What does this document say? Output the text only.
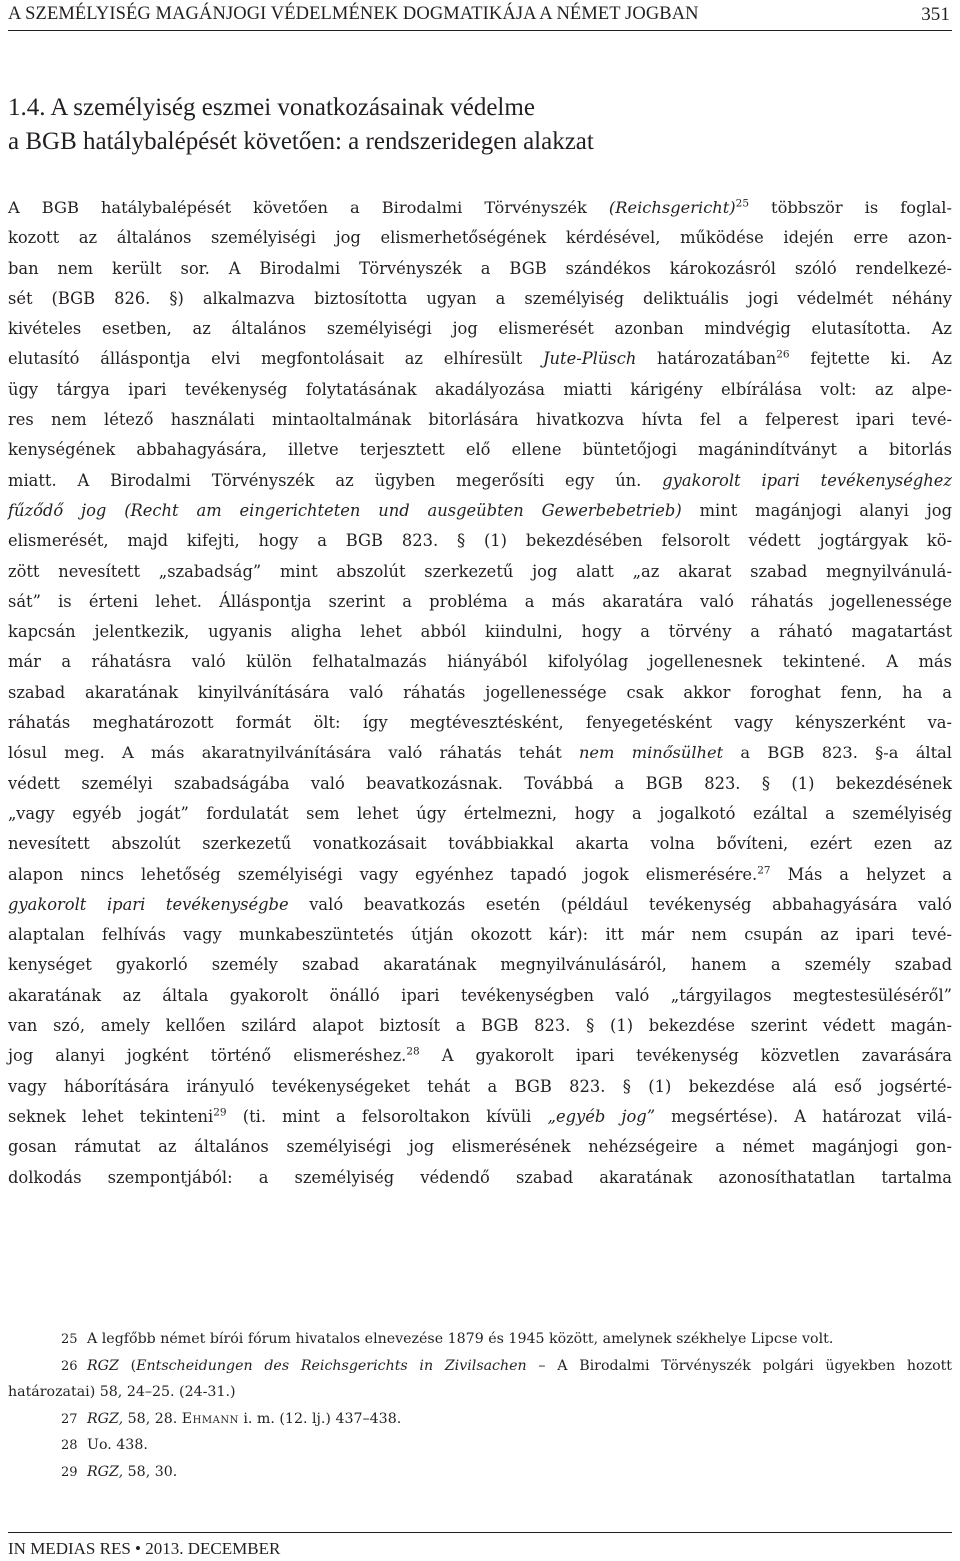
A SZEMÉLYISÉG MAGÁNJOGI VÉDELMÉNEK DOGMATIKÁJA A NÉMET JOGBAN	351
1.4. A személyiség eszmei vonatkozásainak védelme
a BGB hatálybalépését követően: a rendszeridegen alakzat
A BGB hatálybalépését követően a Birodalmi Törvényszék (Reichsgericht)$^{25}$ többször is foglal-
kozott az általános személyiségi jog elismerhetőségének kérdésével, működése idején erre azon-
ban nem került sor. A Birodalmi Törvényszék a BGB szándékos károkozásról szóló rendelkezé-
sét (BGB 826. §) alkalmazva biztosította ugyan a személyiség deliktuális jogi védelmét néhány
kivételes esetben, az általános személyiségi jog elismerését azonban mindvégig elutasította. Az
elutasító álláspontja elvi megfontolásait az elhíresült Jute-Plüsch határozatában$^{26}$ fejtette ki. Az
ügy tárgya ipari tevékenység folytatásának akadályozása miatti kárigény elbírálása volt: az alpe-
res nem létező használati mintaoltalmának bitorlására hivatkozva hívta fel a felperest ipari tevé-
kenységének abbahagyására, illetve terjesztett elő ellene büntetőjogi magánindítványt a bitorlás
miatt. A Birodalmi Törvényszék az ügyben megerősíti egy ún. gyakorolt ipari tevékenységhez
fűződő jog (Recht am eingerichteten und ausgeübten Gewerbebetrieb) mint magánjogi alanyi jog
elismerését, majd kifejti, hogy a BGB 823. § (1) bekezdésében felsorolt védett jogtárgyak kö-
zött nevesített „szabadság” mint abszolút szerkezetű jog alatt „az akarat szabad megnyilvánulá-
sát” is érteni lehet. Álláspontja szerint a probléma a más akaratára való ráhatás jogellenessége
kapcsán jelentkezik, ugyanis aligha lehet abból kiindulni, hogy a törvény a ráható magatartást
már a ráhatásra való külön felhatalmazás hiányából kifolyólag jogellenesnek tekintené. A más
szabad akaratának kinyilvánítására való ráhatás jogellenessége csak akkor foroghat fenn, ha a
ráhatás meghatározott formát ölt: így megtévesztésként, fenyegetésként vagy kényszerként va-
lósul meg. A más akaratnyilvánítására való ráhatás tehát nem minősülhet a BGB 823. §-a által
védett személyi szabadságába való beavatkozásnak. Továbbá a BGB 823. § (1) bekezdésének
„vagy egyéb jogát” fordulatát sem lehet úgy értelmezni, hogy a jogalkotó ezáltal a személyiség
nevesített abszolút szerkezetű vonatkozásait továbbiakkal akarta volna bővíteni, ezért ezen az
alapon nincs lehetőség személyiségi vagy egyénhez tapadó jogok elismerésére.$^{27}$ Más a helyzet a
gyakorolt ipari tevékenységbe való beavatkozás esetén (például tevékenység abbahagyására való
alaptalan felhívás vagy munkabeszüntetés útján okozott kár): itt már nem csupán az ipari tevé-
kenységet gyakorló személy szabad akaratának megnyilvánulásáról, hanem a személy szabad
akaratának az általa gyakorolt önálló ipari tevékenységben való „tárgyilagos megtestesüléséről”
van szó, amely kellően szilárd alapot biztosít a BGB 823. § (1) bekezdése szerint védett magán-
jog alanyi jogként történő elismeréshez.$^{28}$ A gyakorolt ipari tevékenység közvetlen zavarására
vagy háborítására irányuló tevékenységeket tehát a BGB 823. § (1) bekezdése alá eső jogsérté-
seknek lehet tekinteni$^{29}$ (ti. mint a felsoroltakon kívüli „egyéb jog” megsértése). A határozat vilá-
gosan rámutat az általános személyiségi jog elismerésének nehézségeire a német magánjogi gon-
dolkodás szempontjából: a személyiség védendő szabad akaratának azonosíthatatlan tartalma
25 A legfőbb német bírói fórum hivatalos elnevezése 1879 és 1945 között, amelynek székhelye Lipcse volt.
26 RGZ (Entscheidungen des Reichsgerichts in Zivilsachen – A Birodalmi Törvényszék polgári ügyekben hozott
határozatai) 58, 24–25. (24-31.)
27 RGZ, 58, 28. Ehmann i. m. (12. lj.) 437–438.
28 Uo. 438.
29 RGZ, 58, 30.
IN MEDIAS RES • 2013. DECEMBER
